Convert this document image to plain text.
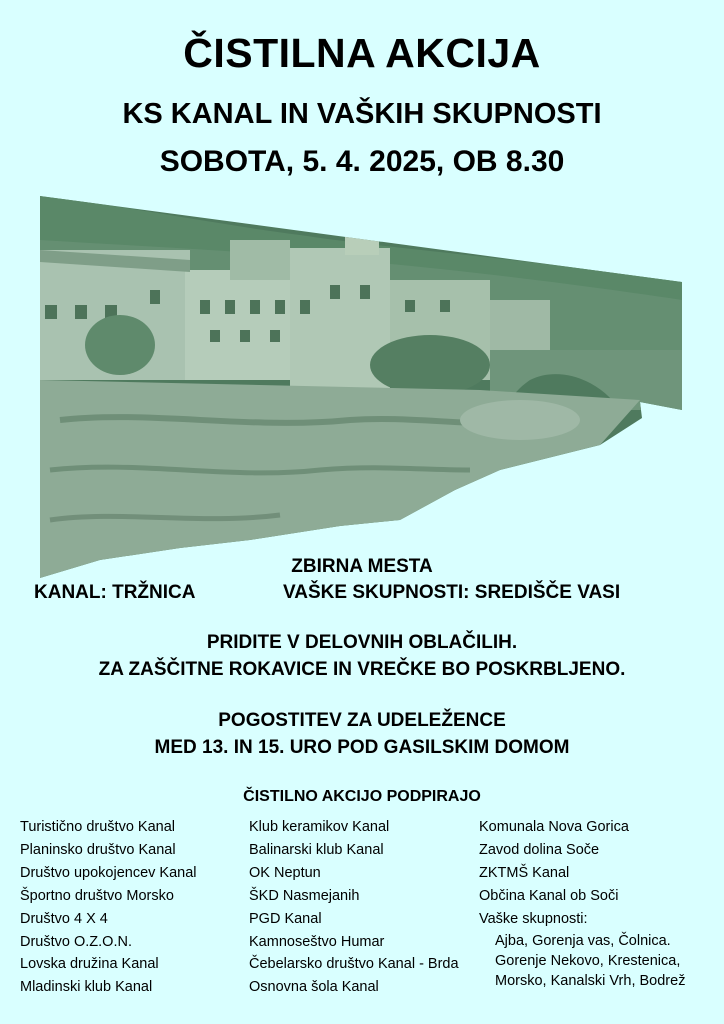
ČISTILNA AKCIJA
KS KANAL IN VAŠKIH SKUPNOSTI
SOBOTA, 5. 4. 2025, OB 8.30
ZBIRNA MESTA
KANAL: TRŽNICA	VAŠKE SKUPNOSTI: SREDIŠČE VASI
PRIDITE V DELOVNIH OBLAČILIH.
ZA ZAŠČITNE ROKAVICE IN VREČKE BO POSKRBLJENO.
POGOSTITEV ZA UDELEŽENCE
MED 13. IN 15. URO POD GASILSKIM DOMOM
ČISTILNO AKCIJO PODPIRAJO
Turistično društvo Kanal
Planinsko društvo Kanal
Društvo upokojencev Kanal
Športno društvo Morsko
Društvo 4 X 4
Društvo O.Z.O.N.
Lovska družina Kanal
Mladinski klub Kanal
Klub keramikov Kanal
Balinarski klub Kanal
OK Neptun
ŠKD Nasmejanih
PGD Kanal
Kamnoseštvo Humar
Čebelarsko društvo Kanal - Brda
Osnovna šola Kanal
Komunala Nova Gorica
Zavod dolina Soče
ZKTMŠ Kanal
Občina Kanal ob Soči
Vaške skupnosti:
Ajba, Gorenja vas, Čolnica.
Gorenje Nekovo, Krestenica,
Morsko, Kanalski Vrh, Bodrež
